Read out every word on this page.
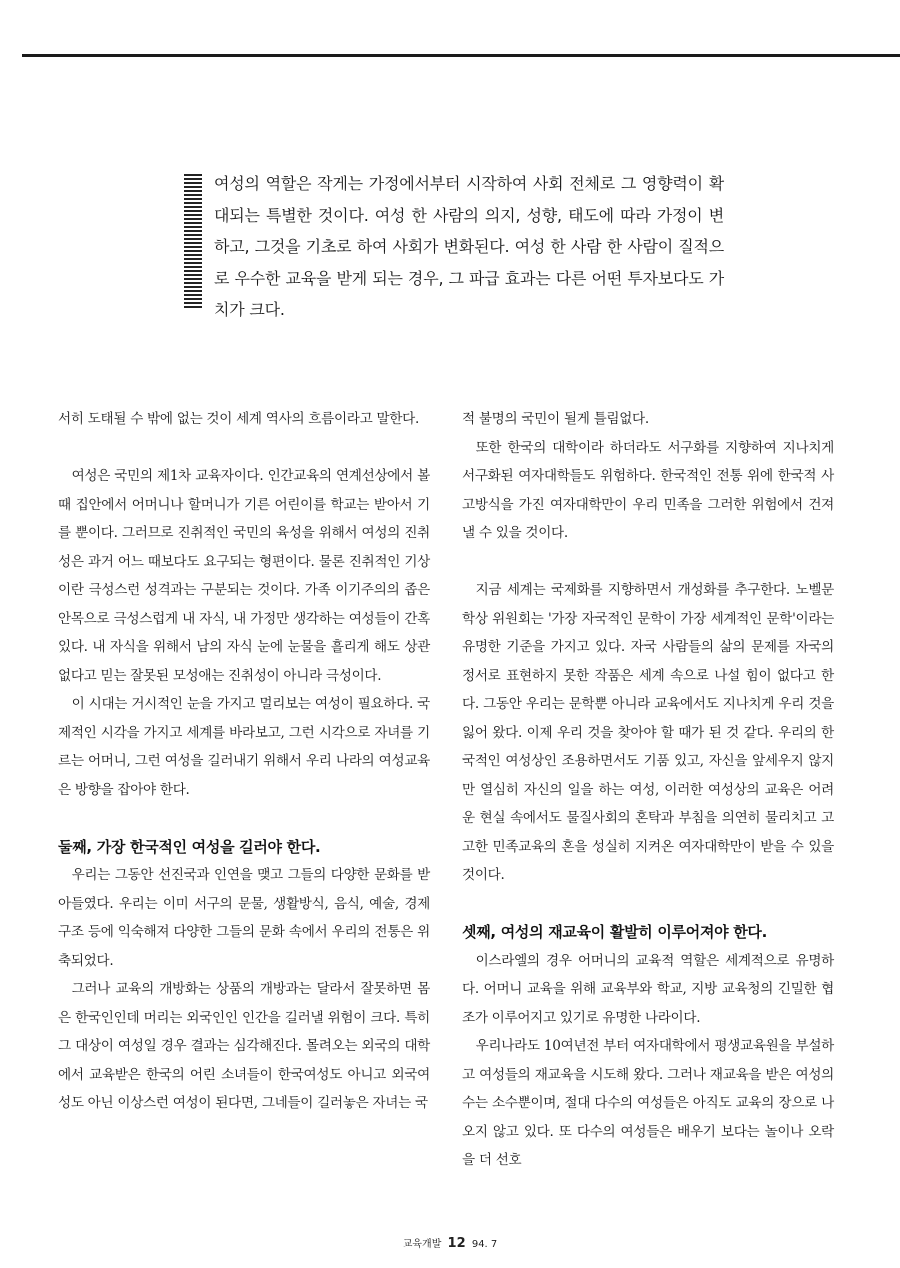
여성의 역할은 작게는 가정에서부터 시작하여 사회 전체로 그 영향력이 확대되는 특별한 것이다. 여성 한 사람의 의지, 성향, 태도에 따라 가정이 변하고, 그것을 기초로 하여 사회가 변화된다. 여성 한 사람 한 사람이 질적으로 우수한 교육을 받게 되는 경우, 그 파급 효과는 다른 어떤 투자보다도 가치가 크다.

서히 도태될 수 밖에 없는 것이 세계 역사의 흐름이라고 말한다.

여성은 국민의 제1차 교육자이다. 인간교육의 연계선상에서 볼 때 집안에서 어머니나 할머니가 기른 어린이를 학교는 받아서 기를 뿐이다. 그러므로 진취적인 국민의 육성을 위해서 여성의 진취성은 과거 어느 때보다도 요구되는 형편이다. 물론 진취적인 기상이란 극성스런 성격과는 구분되는 것이다. 가족 이기주의의 좁은 안목으로 극성스럽게 내 자식, 내 가정만 생각하는 여성들이 간혹 있다. 내 자식을 위해서 남의 자식 눈에 눈물을 흘리게 해도 상관없다고 믿는 잘못된 모성애는 진취성이 아니라 극성이다.

이 시대는 거시적인 눈을 가지고 멀리보는 여성이 필요하다. 국제적인 시각을 가지고 세계를 바라보고, 그런 시각으로 자녀를 기르는 어머니, 그런 여성을 길러내기 위해서 우리 나라의 여성교육은 방향을 잡아야 한다.

둘째, 가장 한국적인 여성을 길러야 한다.

우리는 그동안 선진국과 인연을 맺고 그들의 다양한 문화를 받아들였다. 우리는 이미 서구의 문물, 생활방식, 음식, 예술, 경제구조 등에 익숙해져 다양한 그들의 문화 속에서 우리의 전통은 위축되었다.

그러나 교육의 개방화는 상품의 개방과는 달라서 잘못하면 몸은 한국인인데 머리는 외국인인 인간을 길러낼 위험이 크다. 특히 그 대상이 여성일 경우 결과는 심각해진다. 몰려오는 외국의 대학에서 교육받은 한국의 어린 소녀들이 한국여성도 아니고 외국여성도 아닌 이상스런 여성이 된다면, 그네들이 길러놓은 자녀는 국

적 불명의 국민이 될게 틀림없다.

또한 한국의 대학이라 하더라도 서구화를 지향하여 지나치게 서구화된 여자대학들도 위험하다. 한국적인 전통 위에 한국적 사고방식을 가진 여자대학만이 우리 민족을 그러한 위험에서 건져낼 수 있을 것이다.

지금 세계는 국제화를 지향하면서 개성화를 추구한다. 노벨문학상 위원회는 '가장 자국적인 문학이 가장 세계적인 문학'이라는 유명한 기준을 가지고 있다. 자국 사람들의 삶의 문제를 자국의 정서로 표현하지 못한 작품은 세계 속으로 나설 힘이 없다고 한다. 그동안 우리는 문학뿐 아니라 교육에서도 지나치게 우리 것을 잃어 왔다. 이제 우리 것을 찾아야 할 때가 된 것 같다. 우리의 한국적인 여성상인 조용하면서도 기품 있고, 자신을 앞세우지 않지만 열심히 자신의 일을 하는 여성, 이러한 여성상의 교육은 어려운 현실 속에서도 물질사회의 혼탁과 부침을 의연히 물리치고 고고한 민족교육의 혼을 성실히 지켜온 여자대학만이 받을 수 있을 것이다.

셋째, 여성의 재교육이 활발히 이루어져야 한다.

이스라엘의 경우 어머니의 교육적 역할은 세계적으로 유명하다. 어머니 교육을 위해 교육부와 학교, 지방 교육청의 긴밀한 협조가 이루어지고 있기로 유명한 나라이다.

우리나라도 10여년전 부터 여자대학에서 평생교육원을 부설하고 여성들의 재교육을 시도해 왔다. 그러나 재교육을 받은 여성의 수는 소수뿐이며, 절대 다수의 여성들은 아직도 교육의 장으로 나오지 않고 있다. 또 다수의 여성들은 배우기 보다는 놀이나 오락을 더 선호

교육개발 12 94. 7
